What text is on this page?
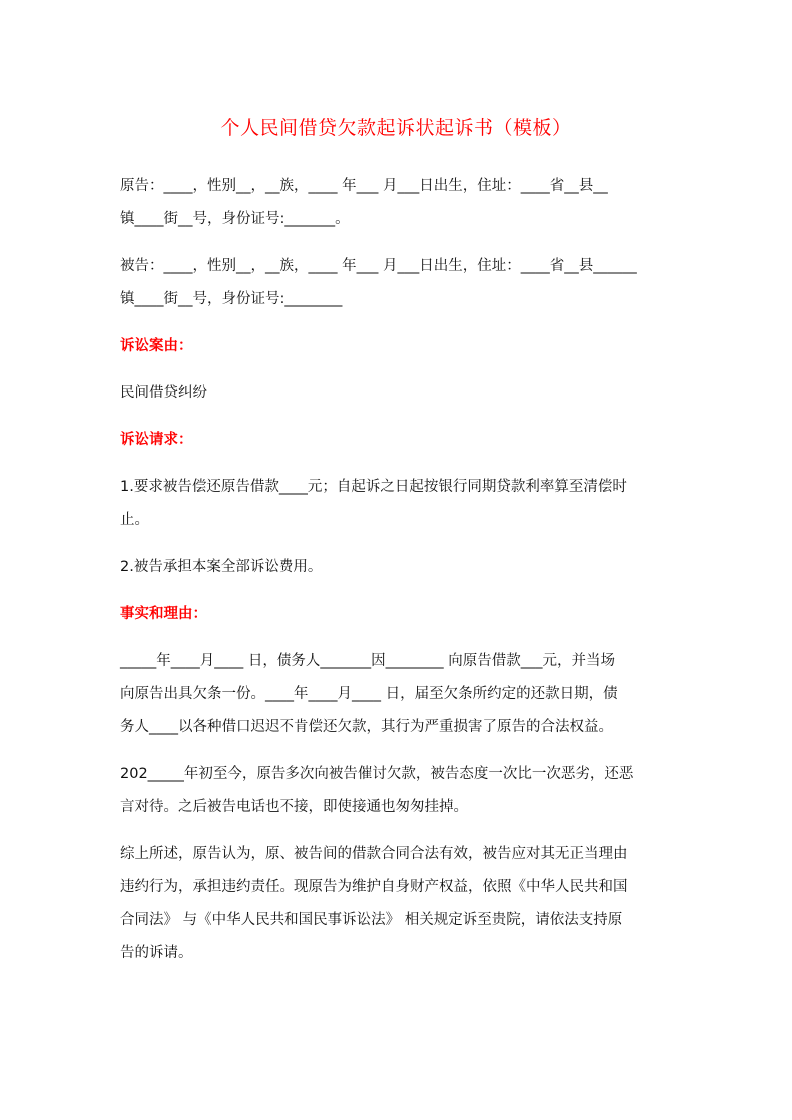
个人民间借贷欠款起诉状起诉书（模板）
原告：____，性别__，__族，____ 年___ 月___日出生，住址：____省__县__
镇____街__号，身份证号:_______。
被告：____，性别__，__族，____ 年___ 月___日出生，住址：____省__县______
镇____街__号，身份证号:________
诉讼案由：
民间借贷纠纷
诉讼请求：
1.要求被告偿还原告借款____元；自起诉之日起按银行同期贷款利率算至清偿时
止。
2.被告承担本案全部诉讼费用。
事实和理由：
_____年____月____ 日，债务人_______因________ 向原告借款___元，并当场
向原告出具欠条一份。____年____月____ 日，届至欠条所约定的还款日期，债
务人____以各种借口迟迟不肯偿还欠款，其行为严重损害了原告的合法权益。
202_____年初至今，原告多次向被告催讨欠款，被告态度一次比一次恶劣，还恶
言对待。之后被告电话也不接，即使接通也匆匆挂掉。
综上所述，原告认为，原、被告间的借款合同合法有效，被告应对其无正当理由
违约行为，承担违约责任。现原告为维护自身财产权益，依照《中华人民共和国
合同法》 与《中华人民共和国民事诉讼法》 相关规定诉至贵院，请依法支持原
告的诉请。
